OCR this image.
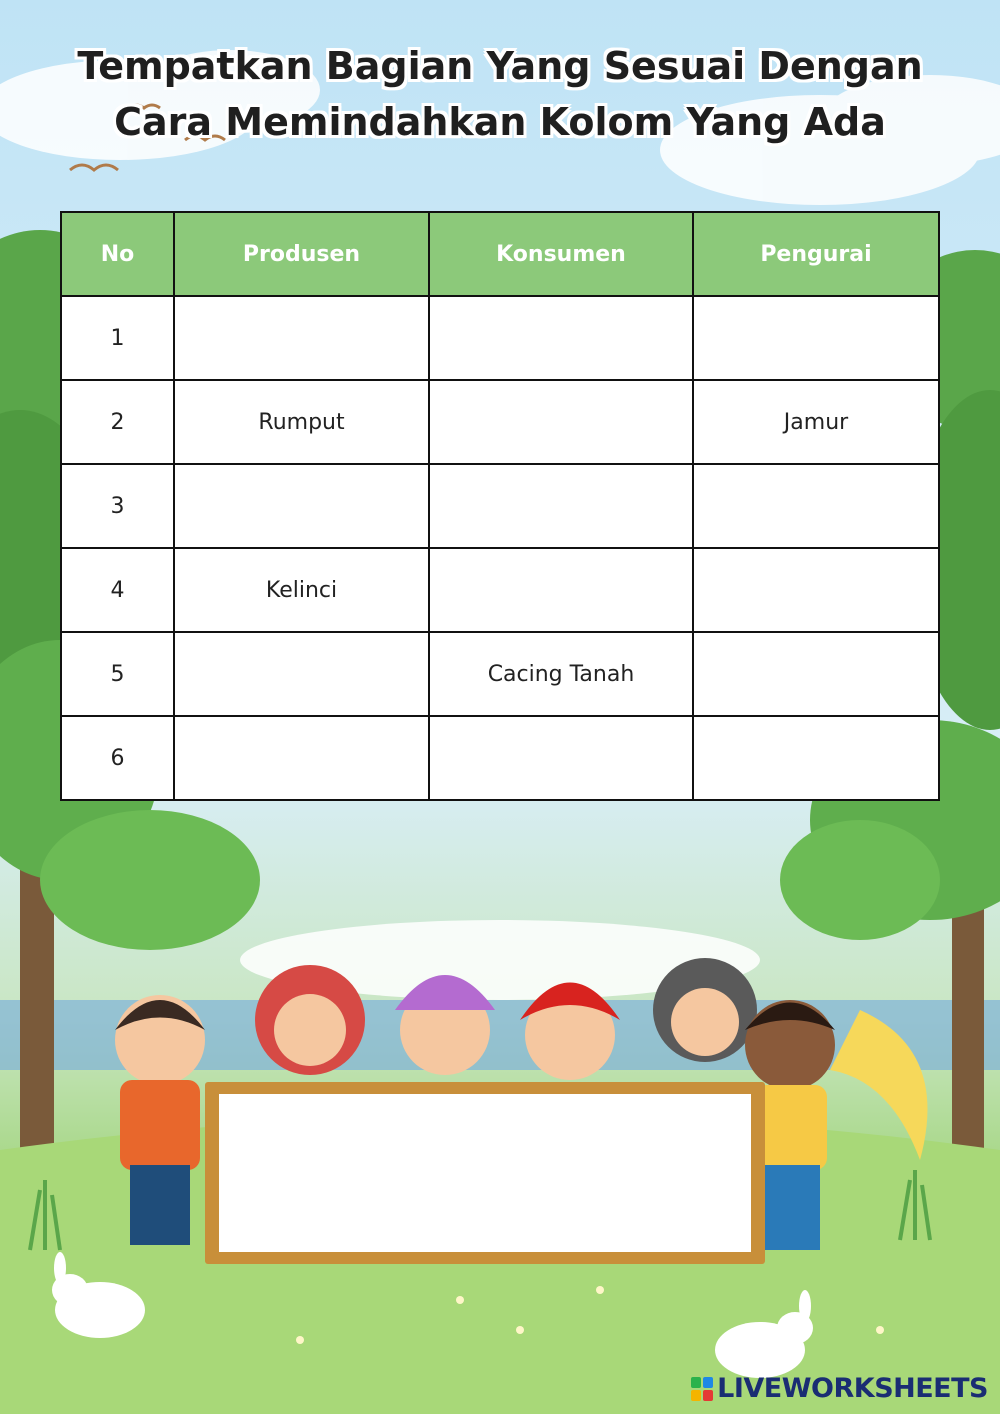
Tempatkan Bagian Yang Sesuai Dengan
Cara Memindahkan Kolom Yang Ada
No	Produsen	Konsumen	Pengurai
1			
2	Rumput		Jamur
3			
4	Kelinci		
5		Cacing Tanah	
6			
LIVEWORKSHEETS
